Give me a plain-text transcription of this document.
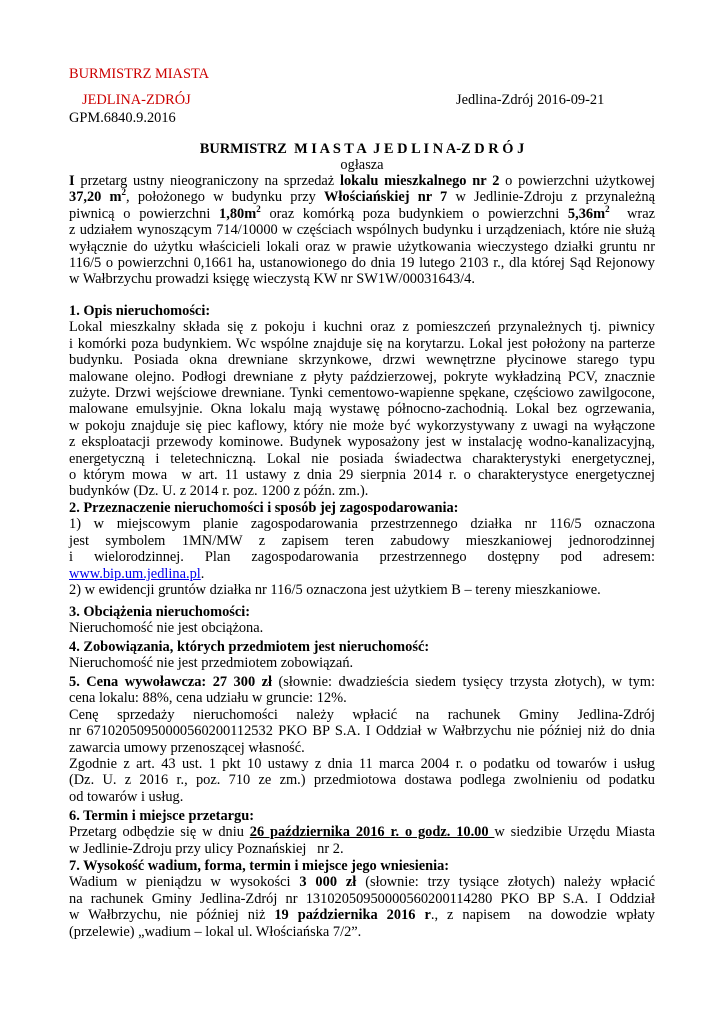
BURMISTRZ MIASTA
JEDLINA-ZDRÓJ	Jedlina-Zdrój 2016-09-21
GPM.6840.9.2016
BURMISTRZ  M I A S T A  J E D L I N A-Z D R Ó J
ogłasza
I przetarg ustny nieograniczony na sprzedaż lokalu mieszkalnego nr 2 o powierzchni użytkowej
37,20 $m^2$, położonego w budynku przy Włościańskiej nr 7 w Jedlinie-Zdroju z przynależną
piwnicą o powierzchni $1,80m^2$ oraz komórką poza budynkiem o powierzchni $5,36m^2$  wraz
z udziałem wynoszącym 714/10000 w częściach wspólnych budynku i urządzeniach, które nie służą
wyłącznie do użytku właścicieli lokali oraz w prawie użytkowania wieczystego działki gruntu nr
116/5 o powierzchni 0,1661 ha, ustanowionego do dnia 19 lutego 2103 r., dla której Sąd Rejonowy
w Wałbrzychu prowadzi księgę wieczystą KW nr SW1W/00031643/4.
1. Opis nieruchomości:
Lokal mieszkalny składa się z pokoju i kuchni oraz z pomieszczeń przynależnych tj. piwnicy
i komórki poza budynkiem. Wc wspólne znajduje się na korytarzu. Lokal jest położony na parterze
budynku. Posiada okna drewniane skrzynkowe, drzwi wewnętrzne płycinowe starego typu
malowane olejno. Podłogi drewniane z płyty paździerzowej, pokryte wykładziną PCV, znacznie
zużyte. Drzwi wejściowe drewniane. Tynki cementowo-wapienne spękane, częściowo zawilgocone,
malowane emulsyjnie. Okna lokalu mają wystawę północno-zachodnią. Lokal bez ogrzewania,
w pokoju znajduje się piec kaflowy, który nie może być wykorzystywany z uwagi na wyłączone
z eksploatacji przewody kominowe. Budynek wyposażony jest w instalację wodno-kanalizacyjną,
energetyczną i teletechniczną. Lokal nie posiada świadectwa charakterystyki energetycznej,
o którym mowa  w art. 11 ustawy z dnia 29 sierpnia 2014 r. o charakterystyce energetycznej
budynków (Dz. U. z 2014 r. poz. 1200 z późn. zm.).
2. Przeznaczenie nieruchomości i sposób jej zagospodarowania:
1) w miejscowym planie zagospodarowania przestrzennego działka nr 116/5 oznaczona
jest symbolem 1MN/MW z zapisem teren zabudowy mieszkaniowej jednorodzinnej
i wielorodzinnej. Plan zagospodarowania przestrzennego dostępny pod adresem:
www.bip.um.jedlina.pl.
2) w ewidencji gruntów działka nr 116/5 oznaczona jest użytkiem B – tereny mieszkaniowe.
3. Obciążenia nieruchomości:
Nieruchomość nie jest obciążona.
4. Zobowiązania, których przedmiotem jest nieruchomość:
Nieruchomość nie jest przedmiotem zobowiązań.
5. Cena wywoławcza: 27 300 zł (słownie: dwadzieścia siedem tysięcy trzysta złotych), w tym:
cena lokalu: 88%, cena udziału w gruncie: 12%.
Cenę sprzedaży nieruchomości należy wpłacić na rachunek Gminy Jedlina-Zdrój
nr 67102050950000560200112532 PKO BP S.A. I Oddział w Wałbrzychu nie później niż do dnia
zawarcia umowy przenoszącej własność.
Zgodnie z art. 43 ust. 1 pkt 10 ustawy z dnia 11 marca 2004 r. o podatku od towarów i usług
(Dz. U. z 2016 r., poz. 710 ze zm.) przedmiotowa dostawa podlega zwolnieniu od podatku
od towarów i usług.
6. Termin i miejsce przetargu:
Przetarg odbędzie się w dniu 26 października 2016 r. o godz. 10.00 w siedzibie Urzędu Miasta
w Jedlinie-Zdroju przy ulicy Poznańskiej   nr 2.
7. Wysokość wadium, forma, termin i miejsce jego wniesienia:
Wadium w pieniądzu w wysokości 3 000 zł (słownie: trzy tysiące złotych) należy wpłacić
na rachunek Gminy Jedlina-Zdrój nr 13102050950000560200114280 PKO BP S.A. I Oddział
w Wałbrzychu, nie później niż 19 października 2016 r., z napisem  na dowodzie wpłaty
(przelewie) „wadium – lokal ul. Włościańska 7/2”.
